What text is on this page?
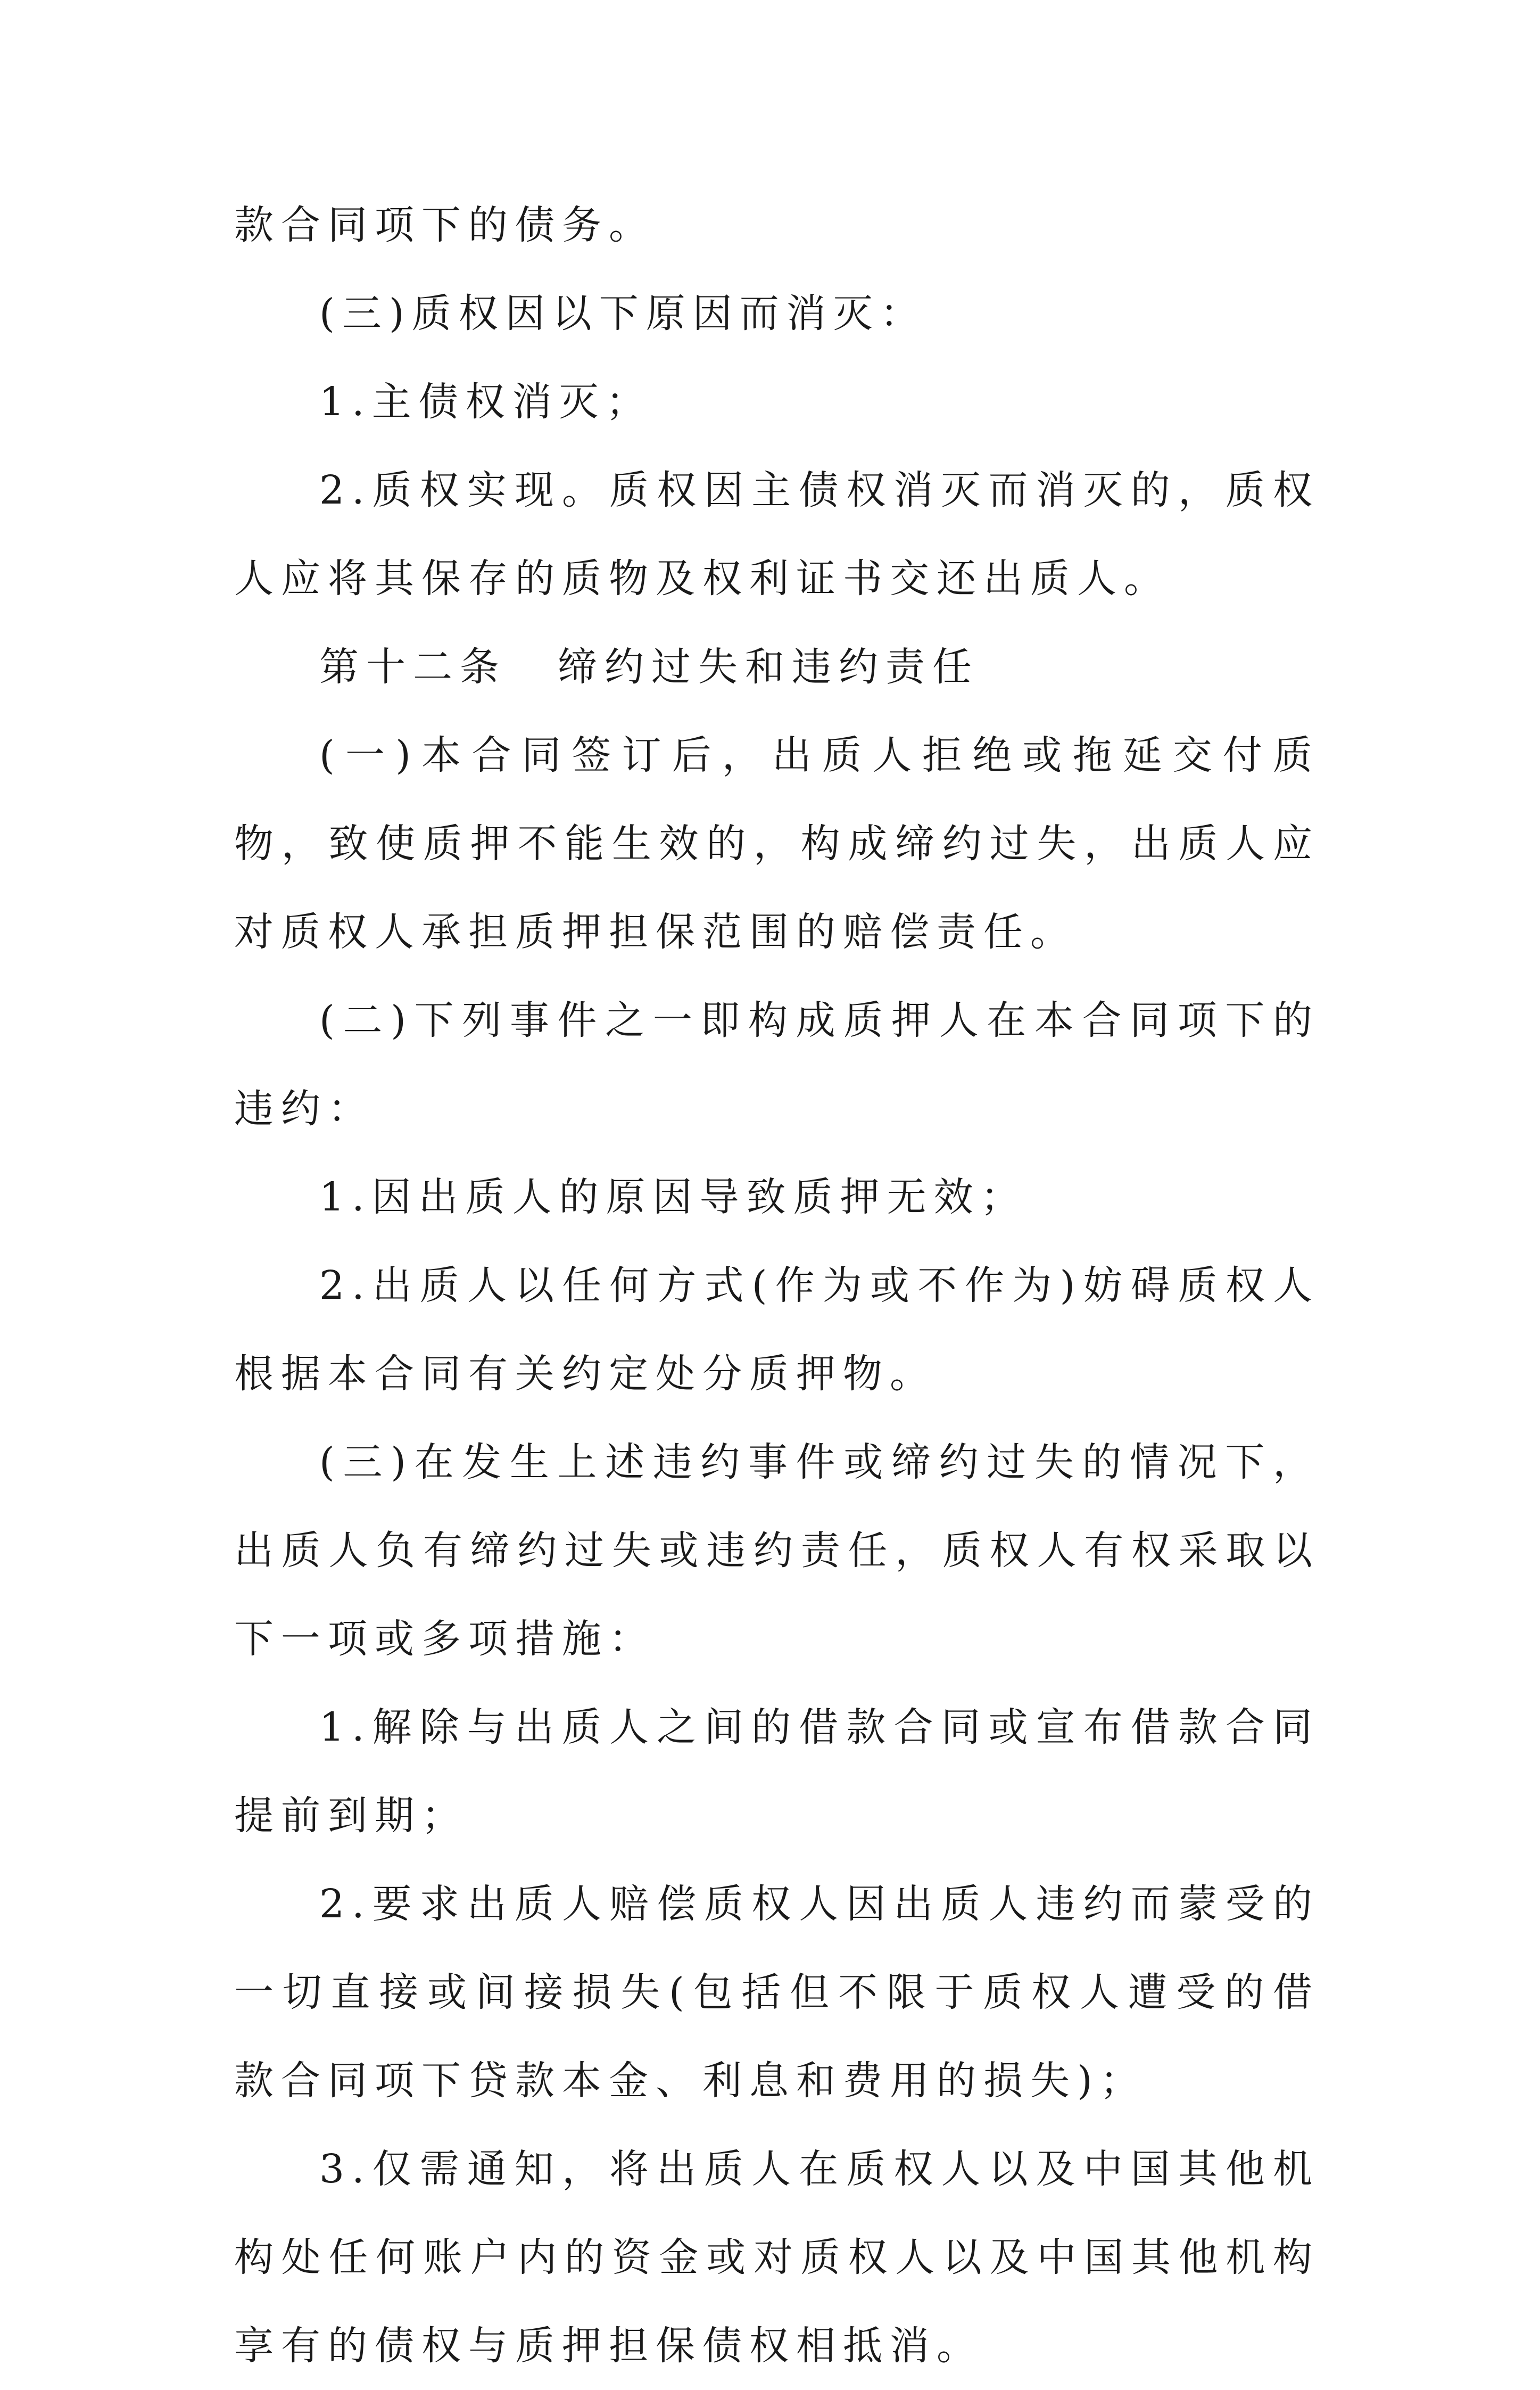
款合同项下的债务。

(三)质权因以下原因而消灭：

1.主债权消灭；

2.质权实现。质权因主债权消灭而消灭的，质权人应将其保存的质物及权利证书交还出质人。

第十二条 缔约过失和违约责任

(一)本合同签订后，出质人拒绝或拖延交付质物，致使质押不能生效的，构成缔约过失，出质人应对质权人承担质押担保范围的赔偿责任。

(二)下列事件之一即构成质押人在本合同项下的违约：

1.因出质人的原因导致质押无效；

2.出质人以任何方式(作为或不作为)妨碍质权人根据本合同有关约定处分质押物。

(三)在发生上述违约事件或缔约过失的情况下，出质人负有缔约过失或违约责任，质权人有权采取以下一项或多项措施：

1.解除与出质人之间的借款合同或宣布借款合同提前到期；

2.要求出质人赔偿质权人因出质人违约而蒙受的一切直接或间接损失(包括但不限于质权人遭受的借款合同项下贷款本金、利息和费用的损失)；

3.仅需通知，将出质人在质权人以及中国其他机构处任何账户内的资金或对质权人以及中国其他机构享有的债权与质押担保债权相抵消。
